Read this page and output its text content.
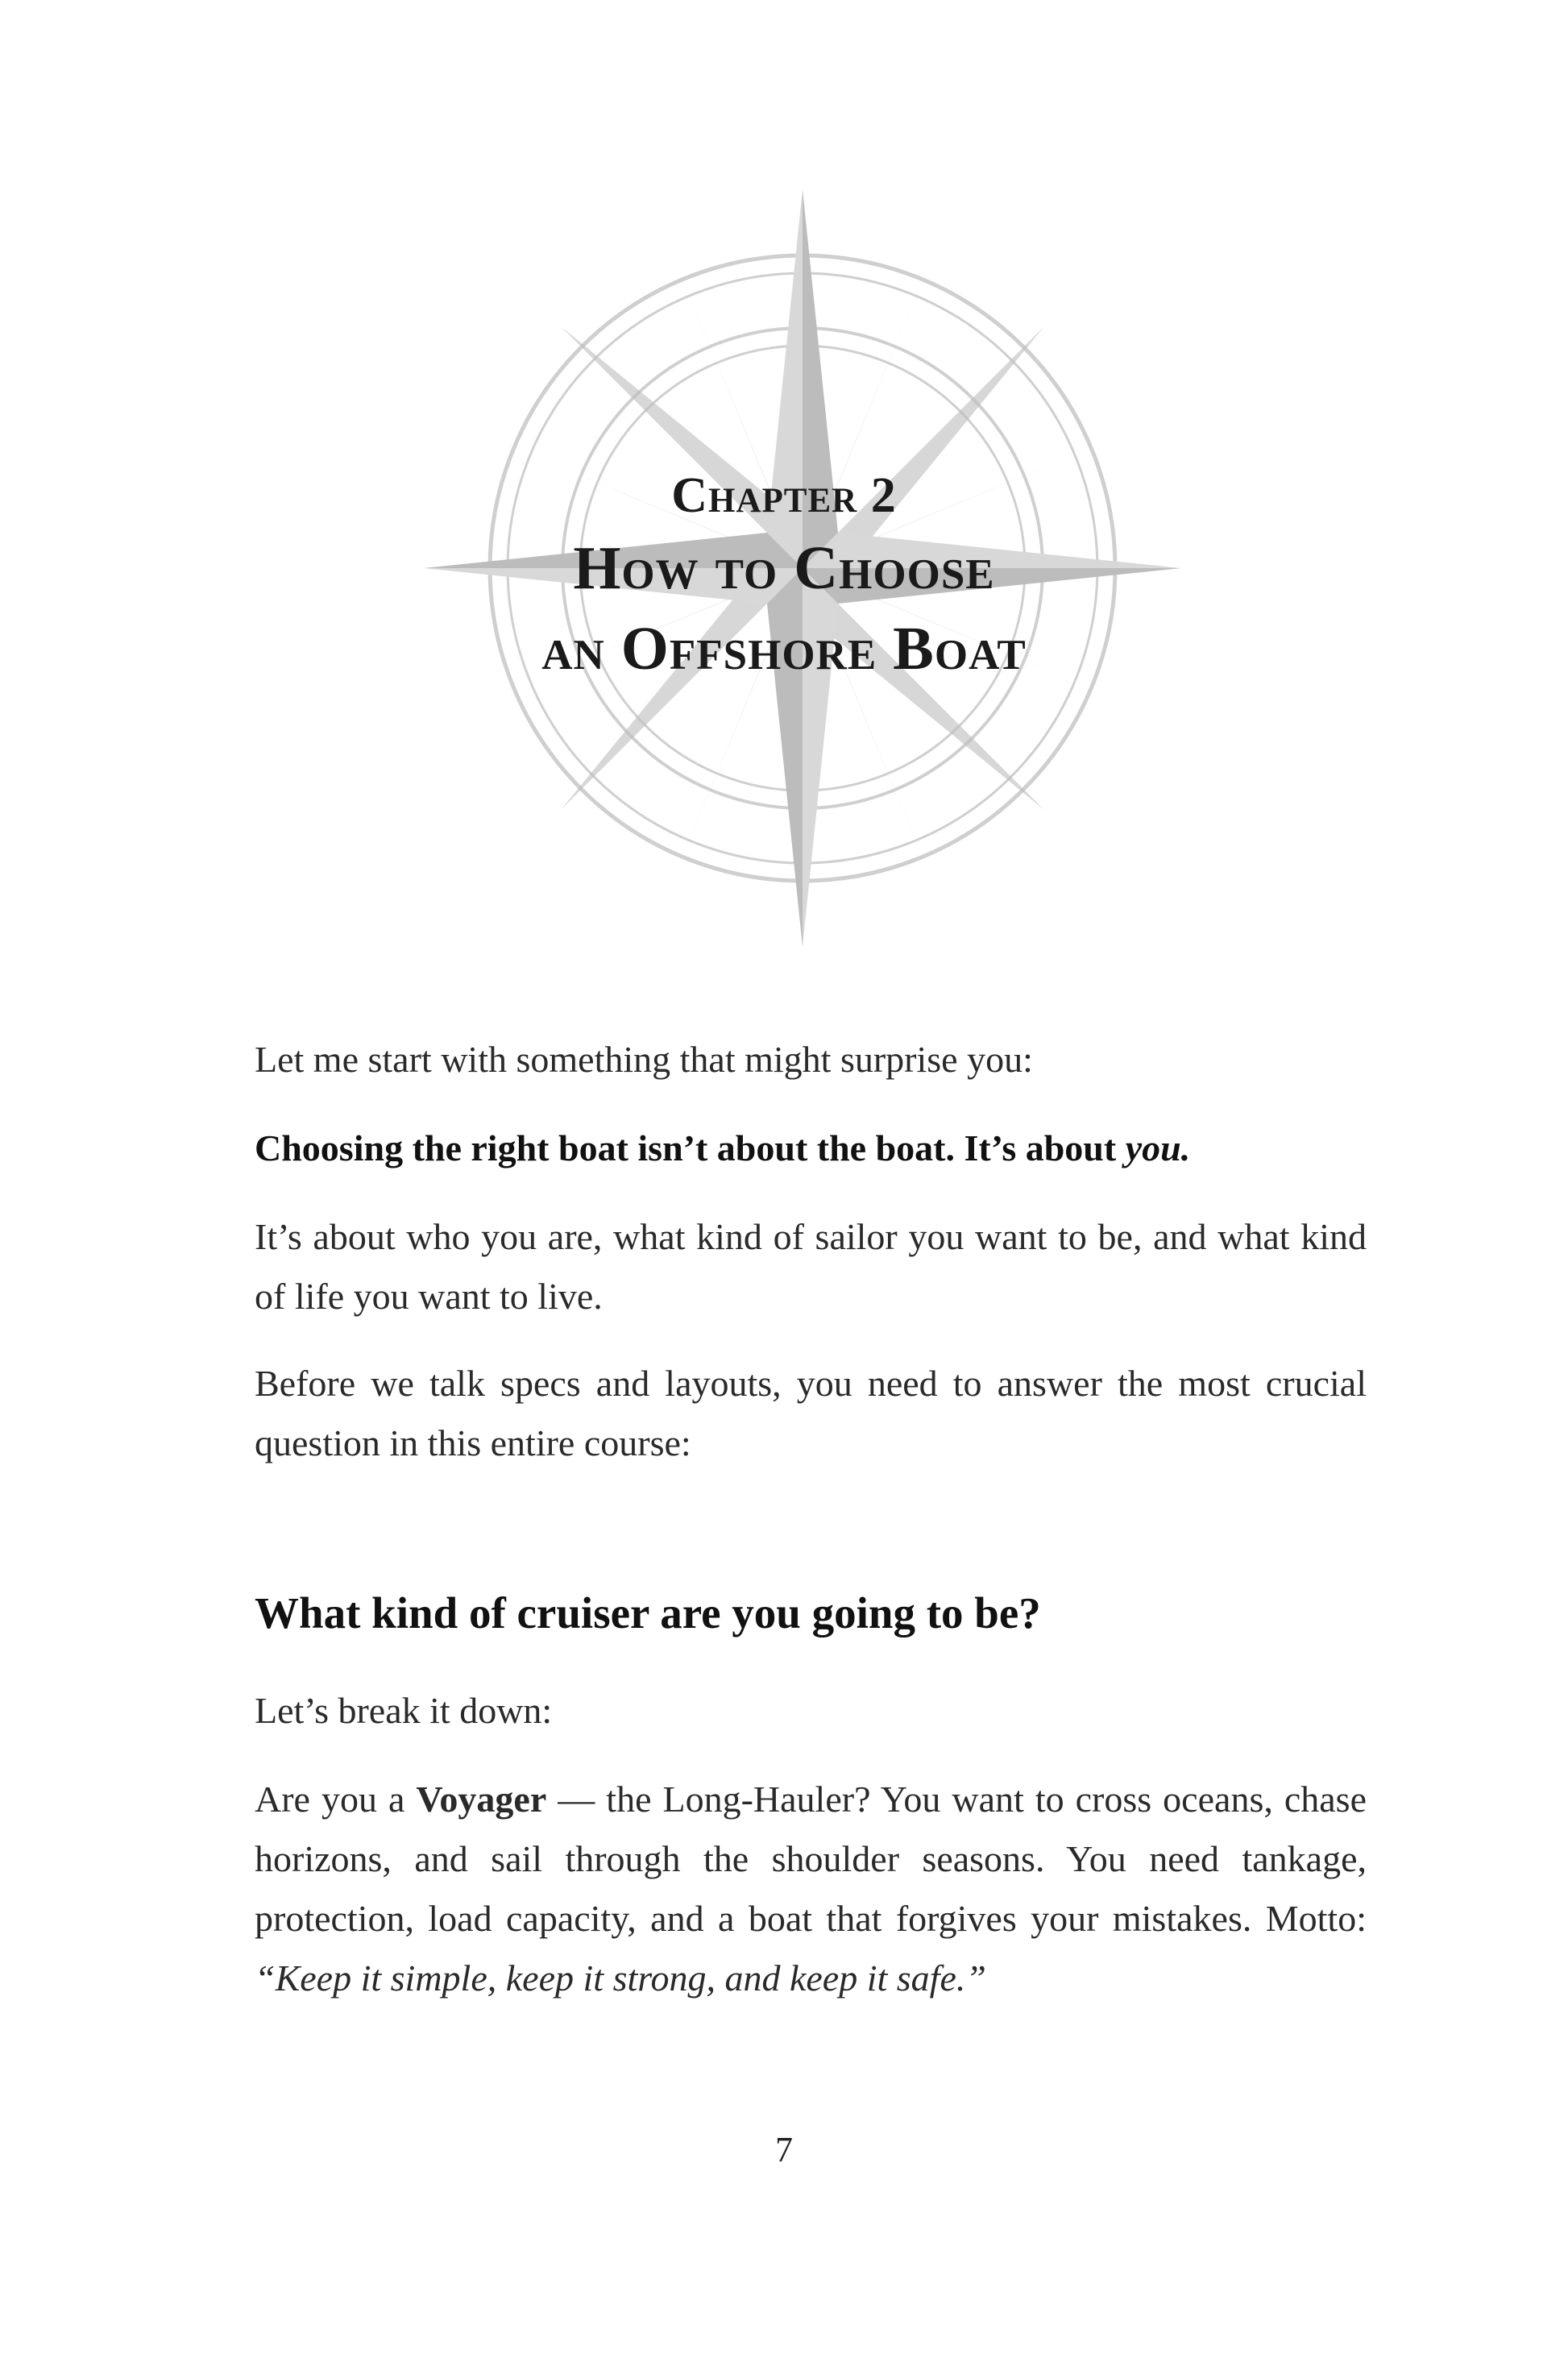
Chapter 2
How to Choose
an Offshore Boat

Let me start with something that might surprise you:

Choosing the right boat isn’t about the boat. It’s about you.

It’s about who you are, what kind of sailor you want to be, and what kind of life you want to live.

Before we talk specs and layouts, you need to answer the most crucial question in this entire course:

What kind of cruiser are you going to be?

Let’s break it down:

Are you a Voyager — the Long-Hauler? You want to cross oceans, chase horizons, and sail through the shoulder seasons. You need tankage, protection, load capacity, and a boat that forgives your mistakes. Motto: “Keep it simple, keep it strong, and keep it safe.”

7
